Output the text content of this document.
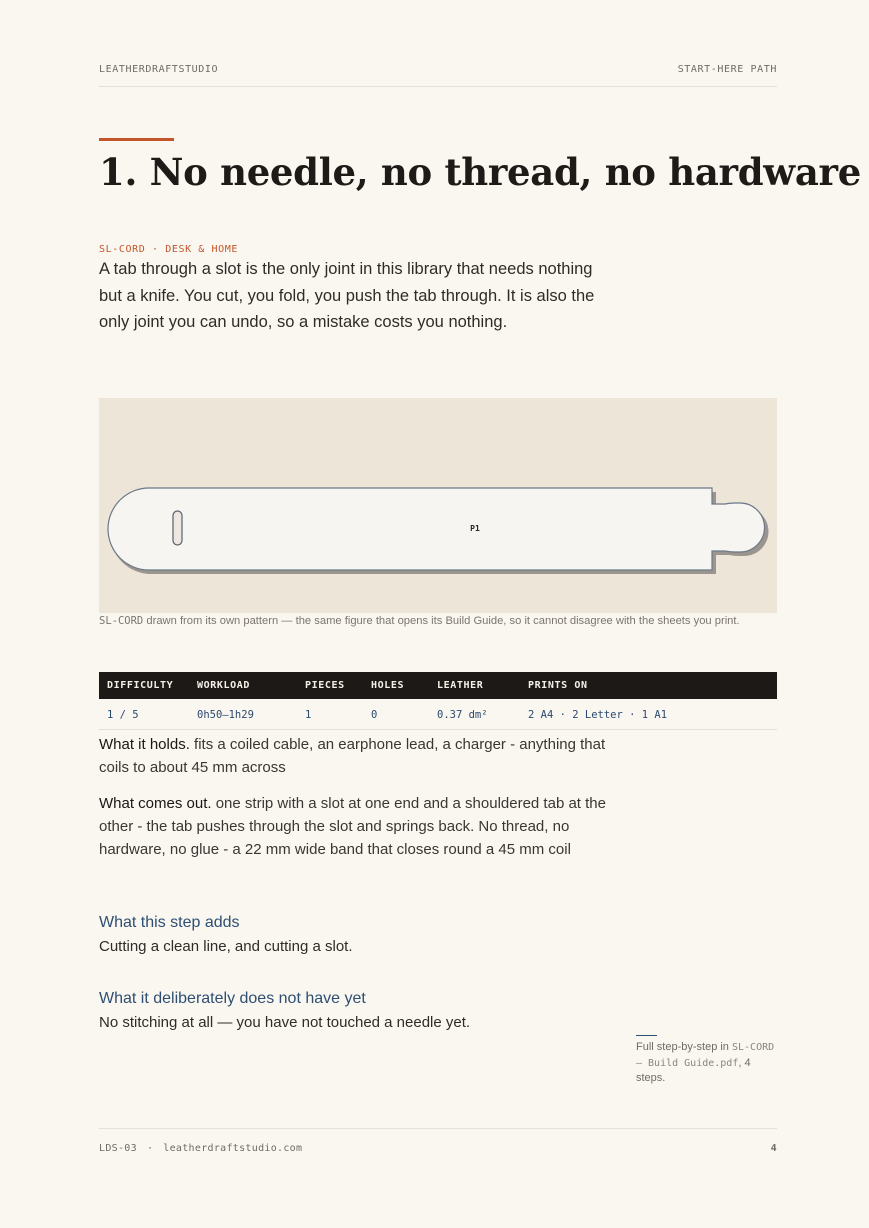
LEATHERDRAFTSTUDIO	START-HERE PATH
1. No needle, no thread, no hardware
SL-CORD · DESK & HOME

A tab through a slot is the only joint in this library that needs nothing but a knife. You cut, you fold, you push the tab through. It is also the only joint you can undo, so a mistake costs you nothing.

P1

SL-CORD drawn from its own pattern — the same figure that opens its Build Guide, so it cannot disagree with the sheets you print.

DIFFICULTY	WORKLOAD	PIECES	HOLES	LEATHER	PRINTS ON
1 / 5	0h50–1h29	1	0	0.37 dm²	2 A4 · 2 Letter · 1 A1

What it holds. fits a coiled cable, an earphone lead, a charger - anything that coils to about 45 mm across

What comes out. one strip with a slot at one end and a shouldered tab at the other - the tab pushes through the slot and springs back. No thread, no hardware, no glue - a 22 mm wide band that closes round a 45 mm coil

What this step adds

Cutting a clean line, and cutting a slot.

What it deliberately does not have yet

No stitching at all — you have not touched a needle yet.

Full step-by-step in SL-CORD — Build Guide.pdf, 4 steps.

LDS-03 · leatherdraftstudio.com	4
